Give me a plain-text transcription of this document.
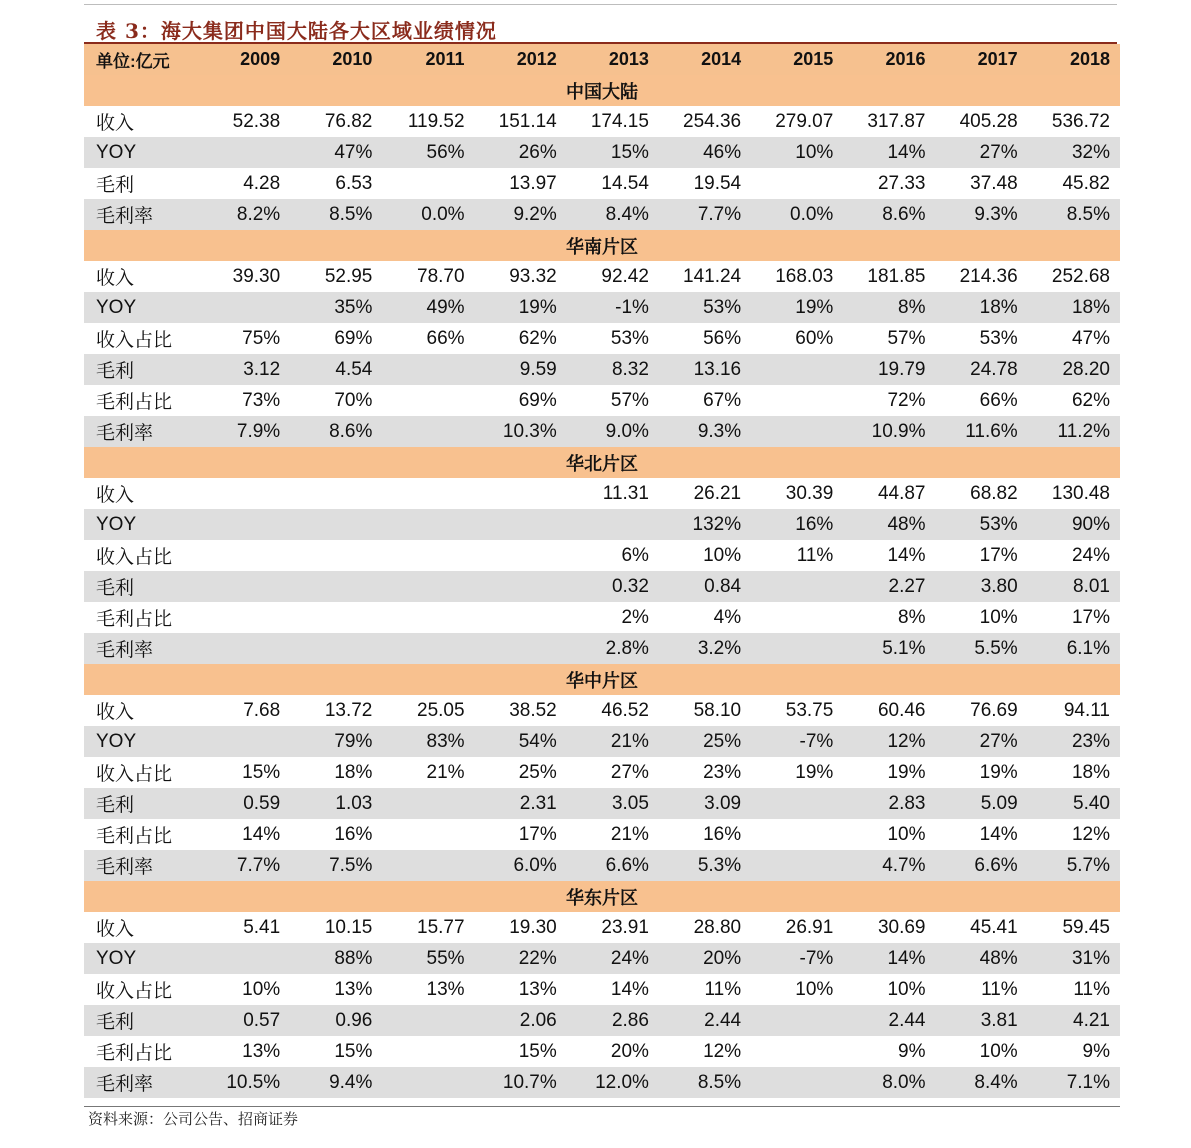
表 3：海大集团中国大陆各大区域业绩情况
单位:亿元	2009	2010	2011	2012	2013	2014	2015	2016	2017	2018
中国大陆										
收入	52.38	76.82	119.52	151.14	174.15	254.36	279.07	317.87	405.28	536.72
YOY		47%	56%	26%	15%	46%	10%	14%	27%	32%
毛利	4.28	6.53		13.97	14.54	19.54		27.33	37.48	45.82
毛利率	8.2%	8.5%	0.0%	9.2%	8.4%	7.7%	0.0%	8.6%	9.3%	8.5%
华南片区										
收入	39.30	52.95	78.70	93.32	92.42	141.24	168.03	181.85	214.36	252.68
YOY		35%	49%	19%	-1%	53%	19%	8%	18%	18%
收入占比	75%	69%	66%	62%	53%	56%	60%	57%	53%	47%
毛利	3.12	4.54		9.59	8.32	13.16		19.79	24.78	28.20
毛利占比	73%	70%		69%	57%	67%		72%	66%	62%
毛利率	7.9%	8.6%		10.3%	9.0%	9.3%		10.9%	11.6%	11.2%
华北片区										
收入					11.31	26.21	30.39	44.87	68.82	130.48
YOY						132%	16%	48%	53%	90%
收入占比					6%	10%	11%	14%	17%	24%
毛利					0.32	0.84		2.27	3.80	8.01
毛利占比					2%	4%		8%	10%	17%
毛利率					2.8%	3.2%		5.1%	5.5%	6.1%
华中片区										
收入	7.68	13.72	25.05	38.52	46.52	58.10	53.75	60.46	76.69	94.11
YOY		79%	83%	54%	21%	25%	-7%	12%	27%	23%
收入占比	15%	18%	21%	25%	27%	23%	19%	19%	19%	18%
毛利	0.59	1.03		2.31	3.05	3.09		2.83	5.09	5.40
毛利占比	14%	16%		17%	21%	16%		10%	14%	12%
毛利率	7.7%	7.5%		6.0%	6.6%	5.3%		4.7%	6.6%	5.7%
华东片区										
收入	5.41	10.15	15.77	19.30	23.91	28.80	26.91	30.69	45.41	59.45
YOY		88%	55%	22%	24%	20%	-7%	14%	48%	31%
收入占比	10%	13%	13%	13%	14%	11%	10%	10%	11%	11%
毛利	0.57	0.96		2.06	2.86	2.44		2.44	3.81	4.21
毛利占比	13%	15%		15%	20%	12%		9%	10%	9%
毛利率	10.5%	9.4%		10.7%	12.0%	8.5%		8.0%	8.4%	7.1%
资料来源：公司公告、招商证券
